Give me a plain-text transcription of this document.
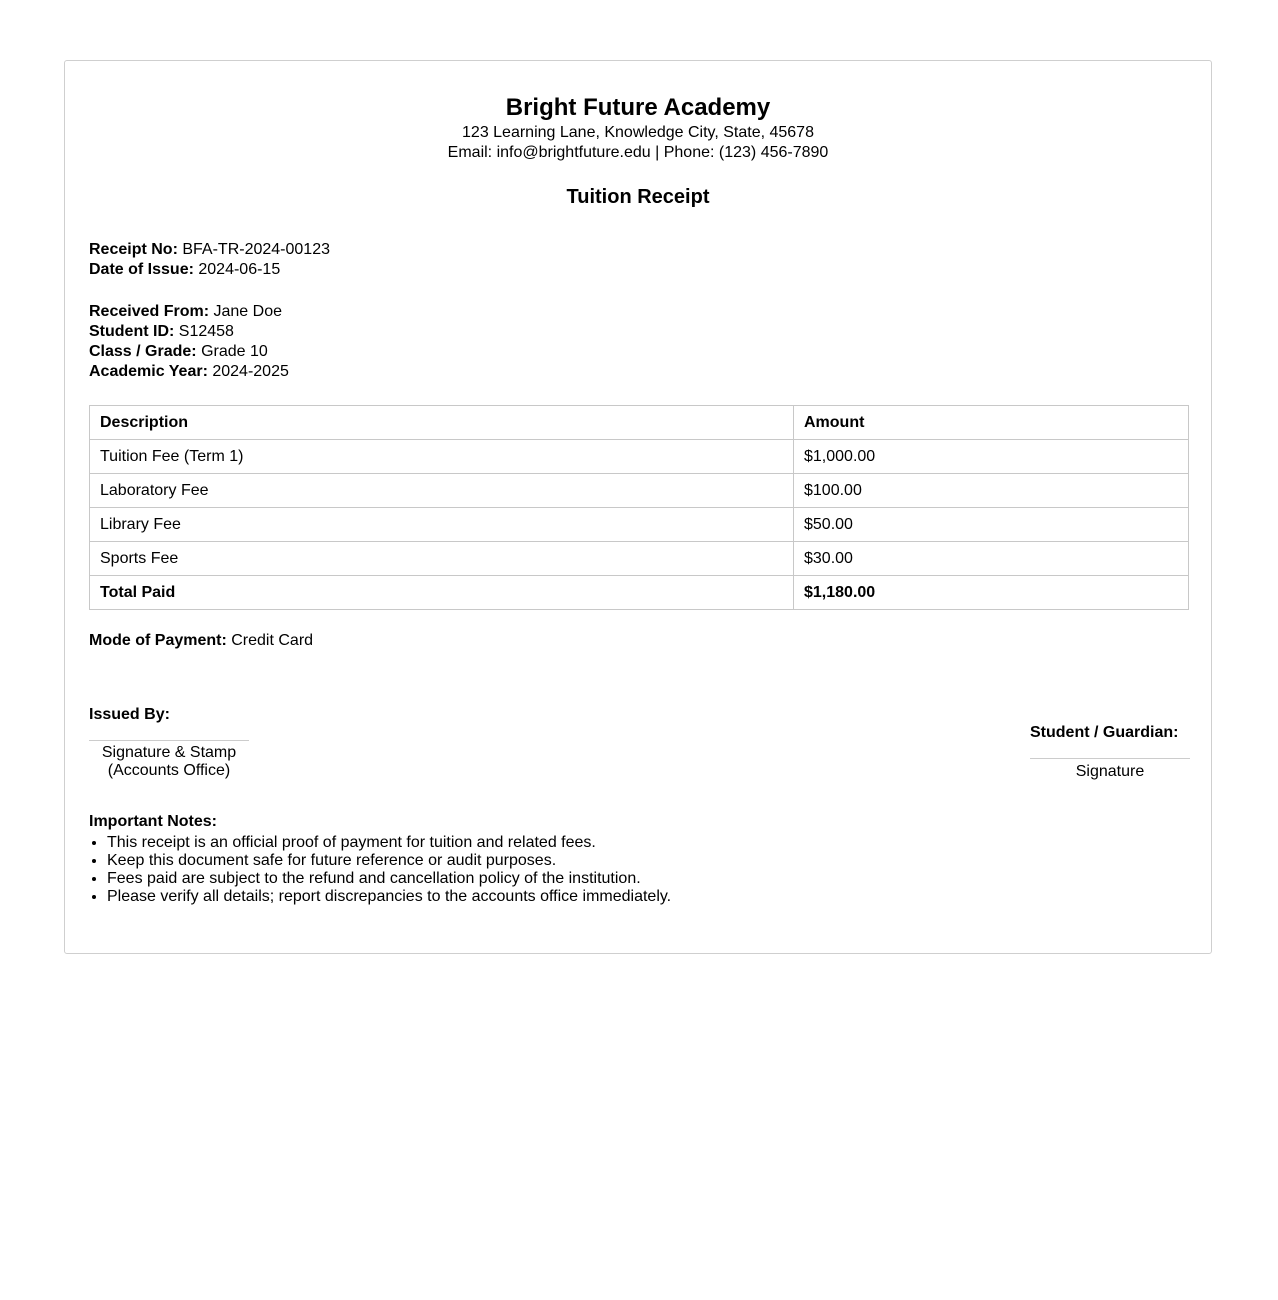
Bright Future Academy
123 Learning Lane, Knowledge City, State, 45678
Email: info@brightfuture.edu | Phone: (123) 456-7890
Tuition Receipt
Receipt No: BFA-TR-2024-00123
Date of Issue: 2024-06-15
Received From: Jane Doe
Student ID: S12458
Class / Grade: Grade 10
Academic Year: 2024-2025
Description	Amount
Tuition Fee (Term 1)	$1,000.00
Laboratory Fee	$100.00
Library Fee	$50.00
Sports Fee	$30.00
Total Paid	$1,180.00
Mode of Payment: Credit Card
Issued By:
Signature & Stamp
(Accounts Office)
Student / Guardian:
Signature
Important Notes:
• This receipt is an official proof of payment for tuition and related fees.
• Keep this document safe for future reference or audit purposes.
• Fees paid are subject to the refund and cancellation policy of the institution.
• Please verify all details; report discrepancies to the accounts office immediately.
